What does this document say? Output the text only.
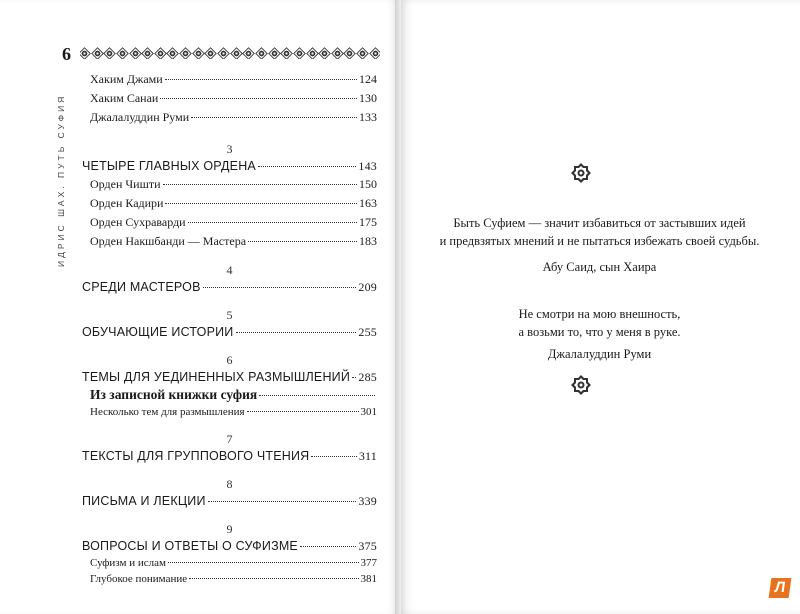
6
ИДРИС ШАХ. ПУТЬ СУФИЯ
Хаким Джами	124
Хаким Санаи	130
Джалалуддин Руми	133
3
ЧЕТЫРЕ ГЛАВНЫХ ОРДЕНА	143
Орден Чишти	150
Орден Кадири	163
Орден Сухраварди	175
Орден Накшбанди — Мастера	183
4
СРЕДИ МАСТЕРОВ	209
5
ОБУЧАЮЩИЕ ИСТОРИИ	255
6
ТЕМЫ ДЛЯ УЕДИНЕННЫХ РАЗМЫШЛЕНИЙ 285
Из записной книжки суфия
Несколько тем для размышления	301
7
ТЕКСТЫ ДЛЯ ГРУППОВОГО ЧТЕНИЯ	311
8
ПИСЬМА И ЛЕКЦИИ	339
9
ВОПРОСЫ И ОТВЕТЫ О СУФИЗМЕ	375
Суфизм и ислам	377
Глубокое понимание	381
Быть Суфием — значит избавиться от застывших идей
и предвзятых мнений и не пытаться избежать своей судьбы.
Абу Саид, сын Хаира
Не смотри на мою внешность,
а возьми то, что у меня в руке.
Джалалуддин Руми
Л
